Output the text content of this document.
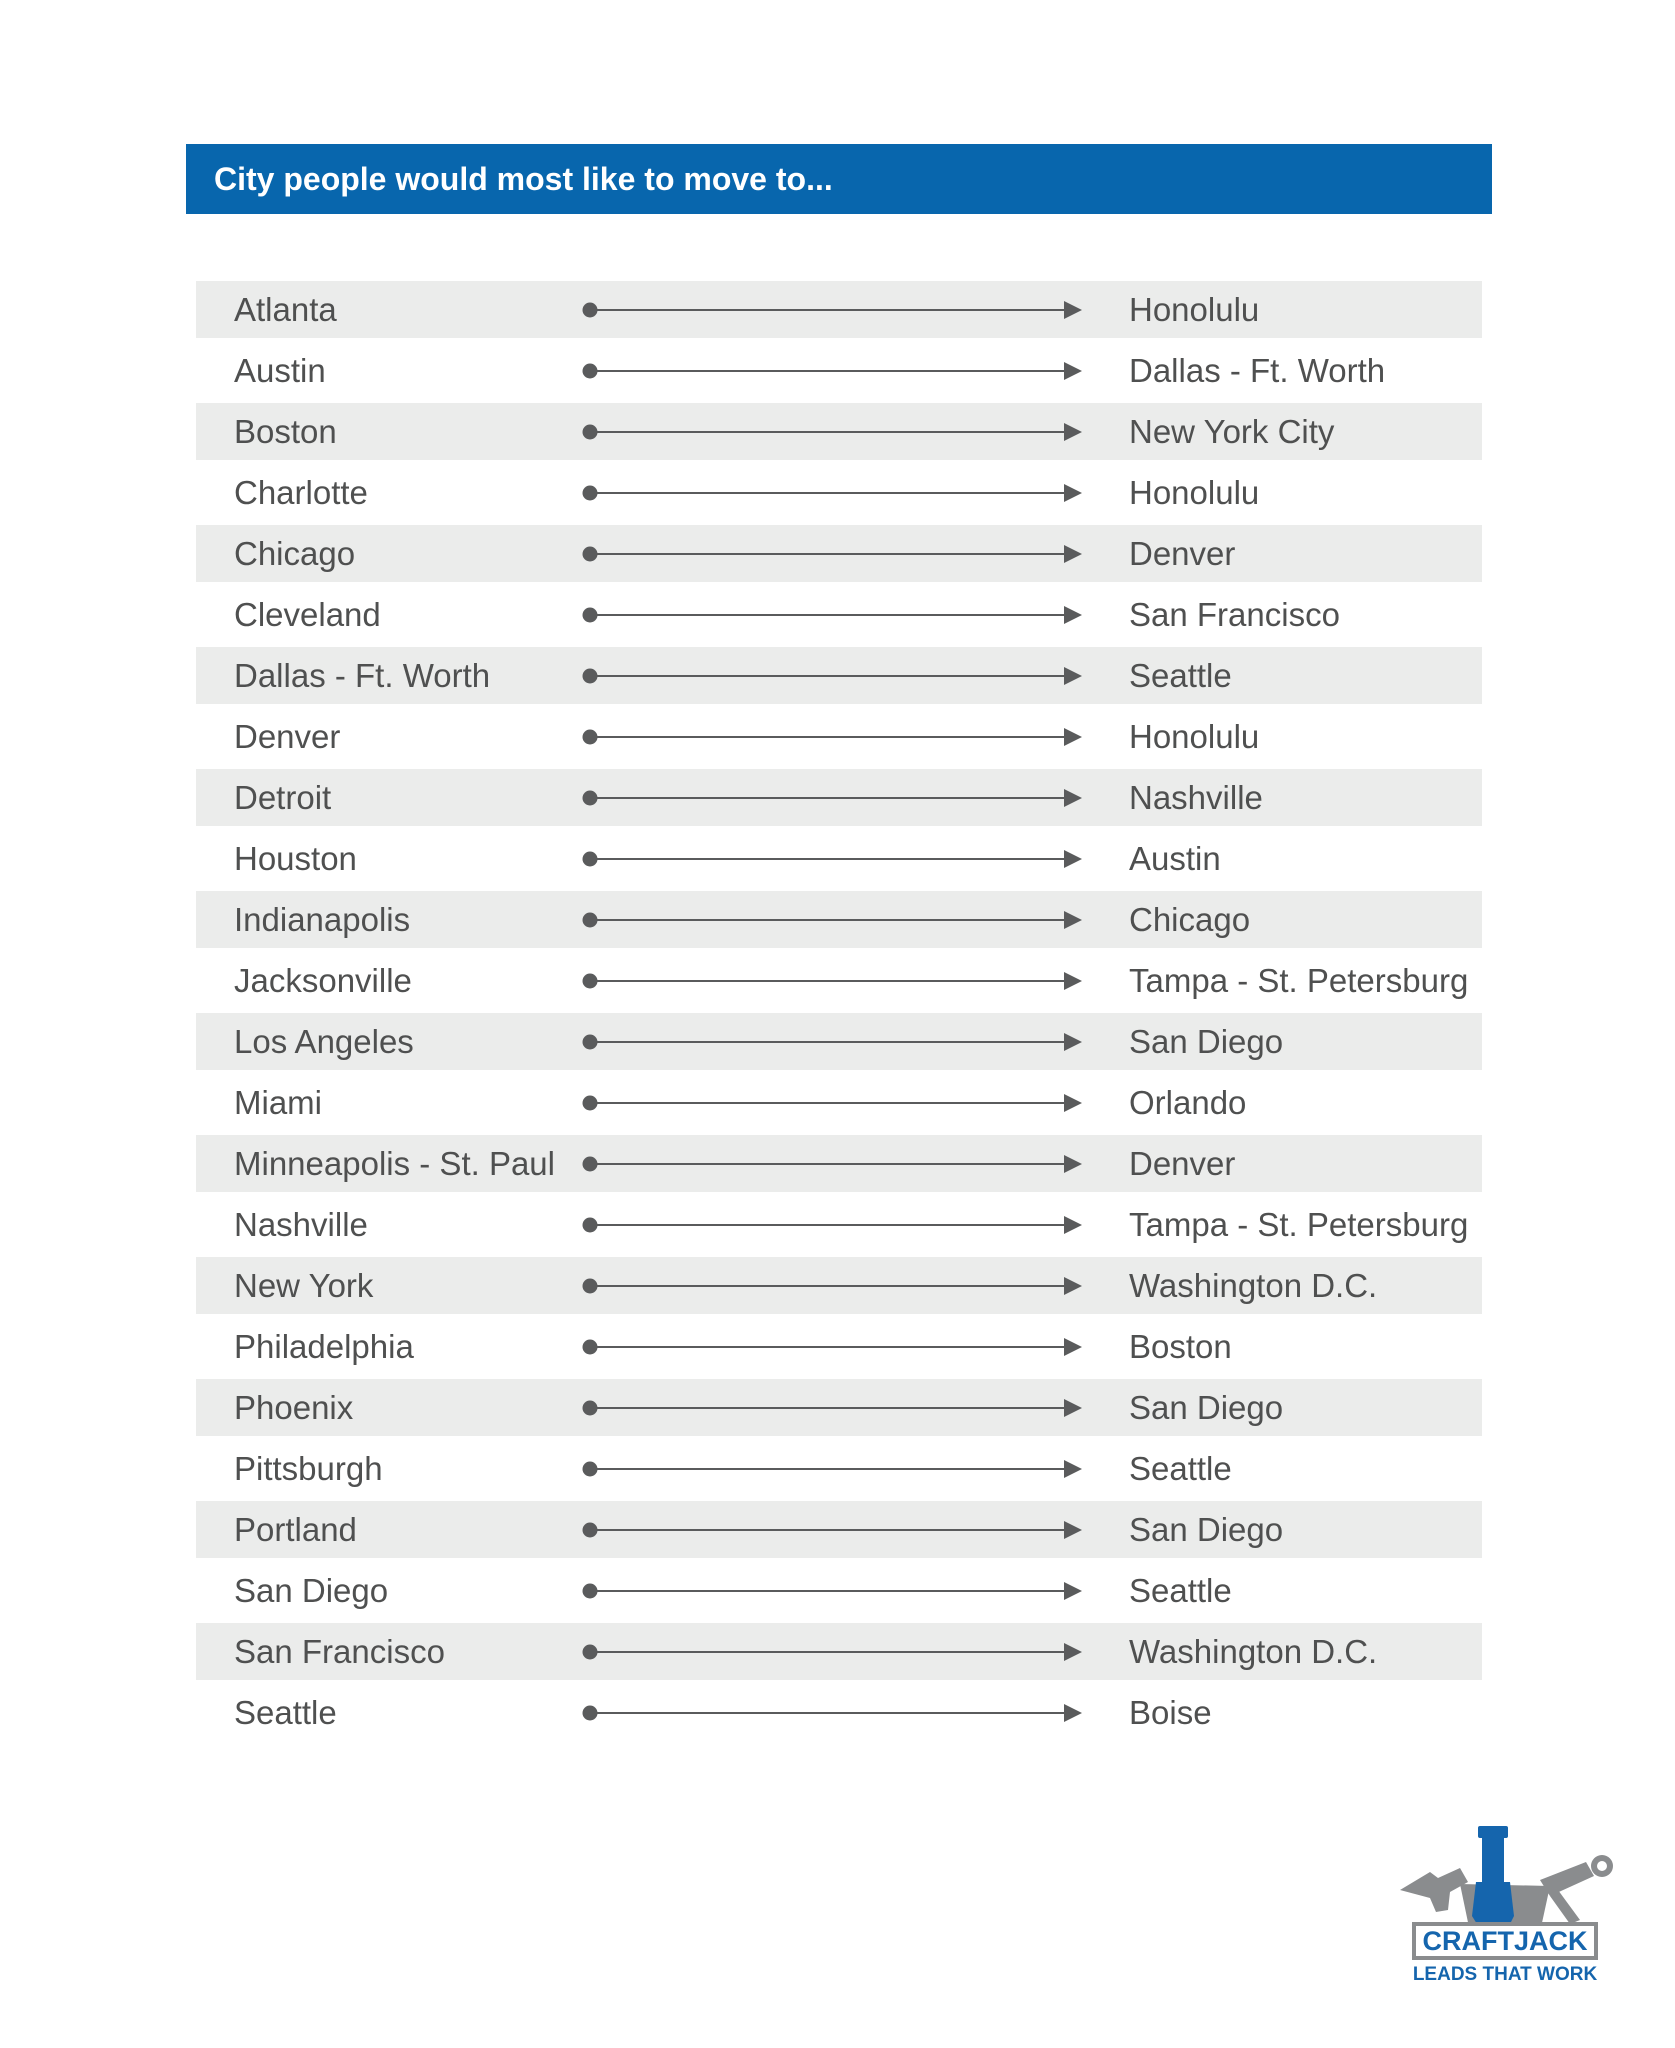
City people would most like to move to...
Atlanta	Honolulu
Austin	Dallas - Ft. Worth
Boston	New York City
Charlotte	Honolulu
Chicago	Denver
Cleveland	San Francisco
Dallas - Ft. Worth	Seattle
Denver	Honolulu
Detroit	Nashville
Houston	Austin
Indianapolis	Chicago
Jacksonville	Tampa - St. Petersburg
Los Angeles	San Diego
Miami	Orlando
Minneapolis - St. Paul	Denver
Nashville	Tampa - St. Petersburg
New York	Washington D.C.
Philadelphia	Boston
Phoenix	San Diego
Pittsburgh	Seattle
Portland	San Diego
San Diego	Seattle
San Francisco	Washington D.C.
Seattle	Boise
CRAFTJACK
LEADS THAT WORK
